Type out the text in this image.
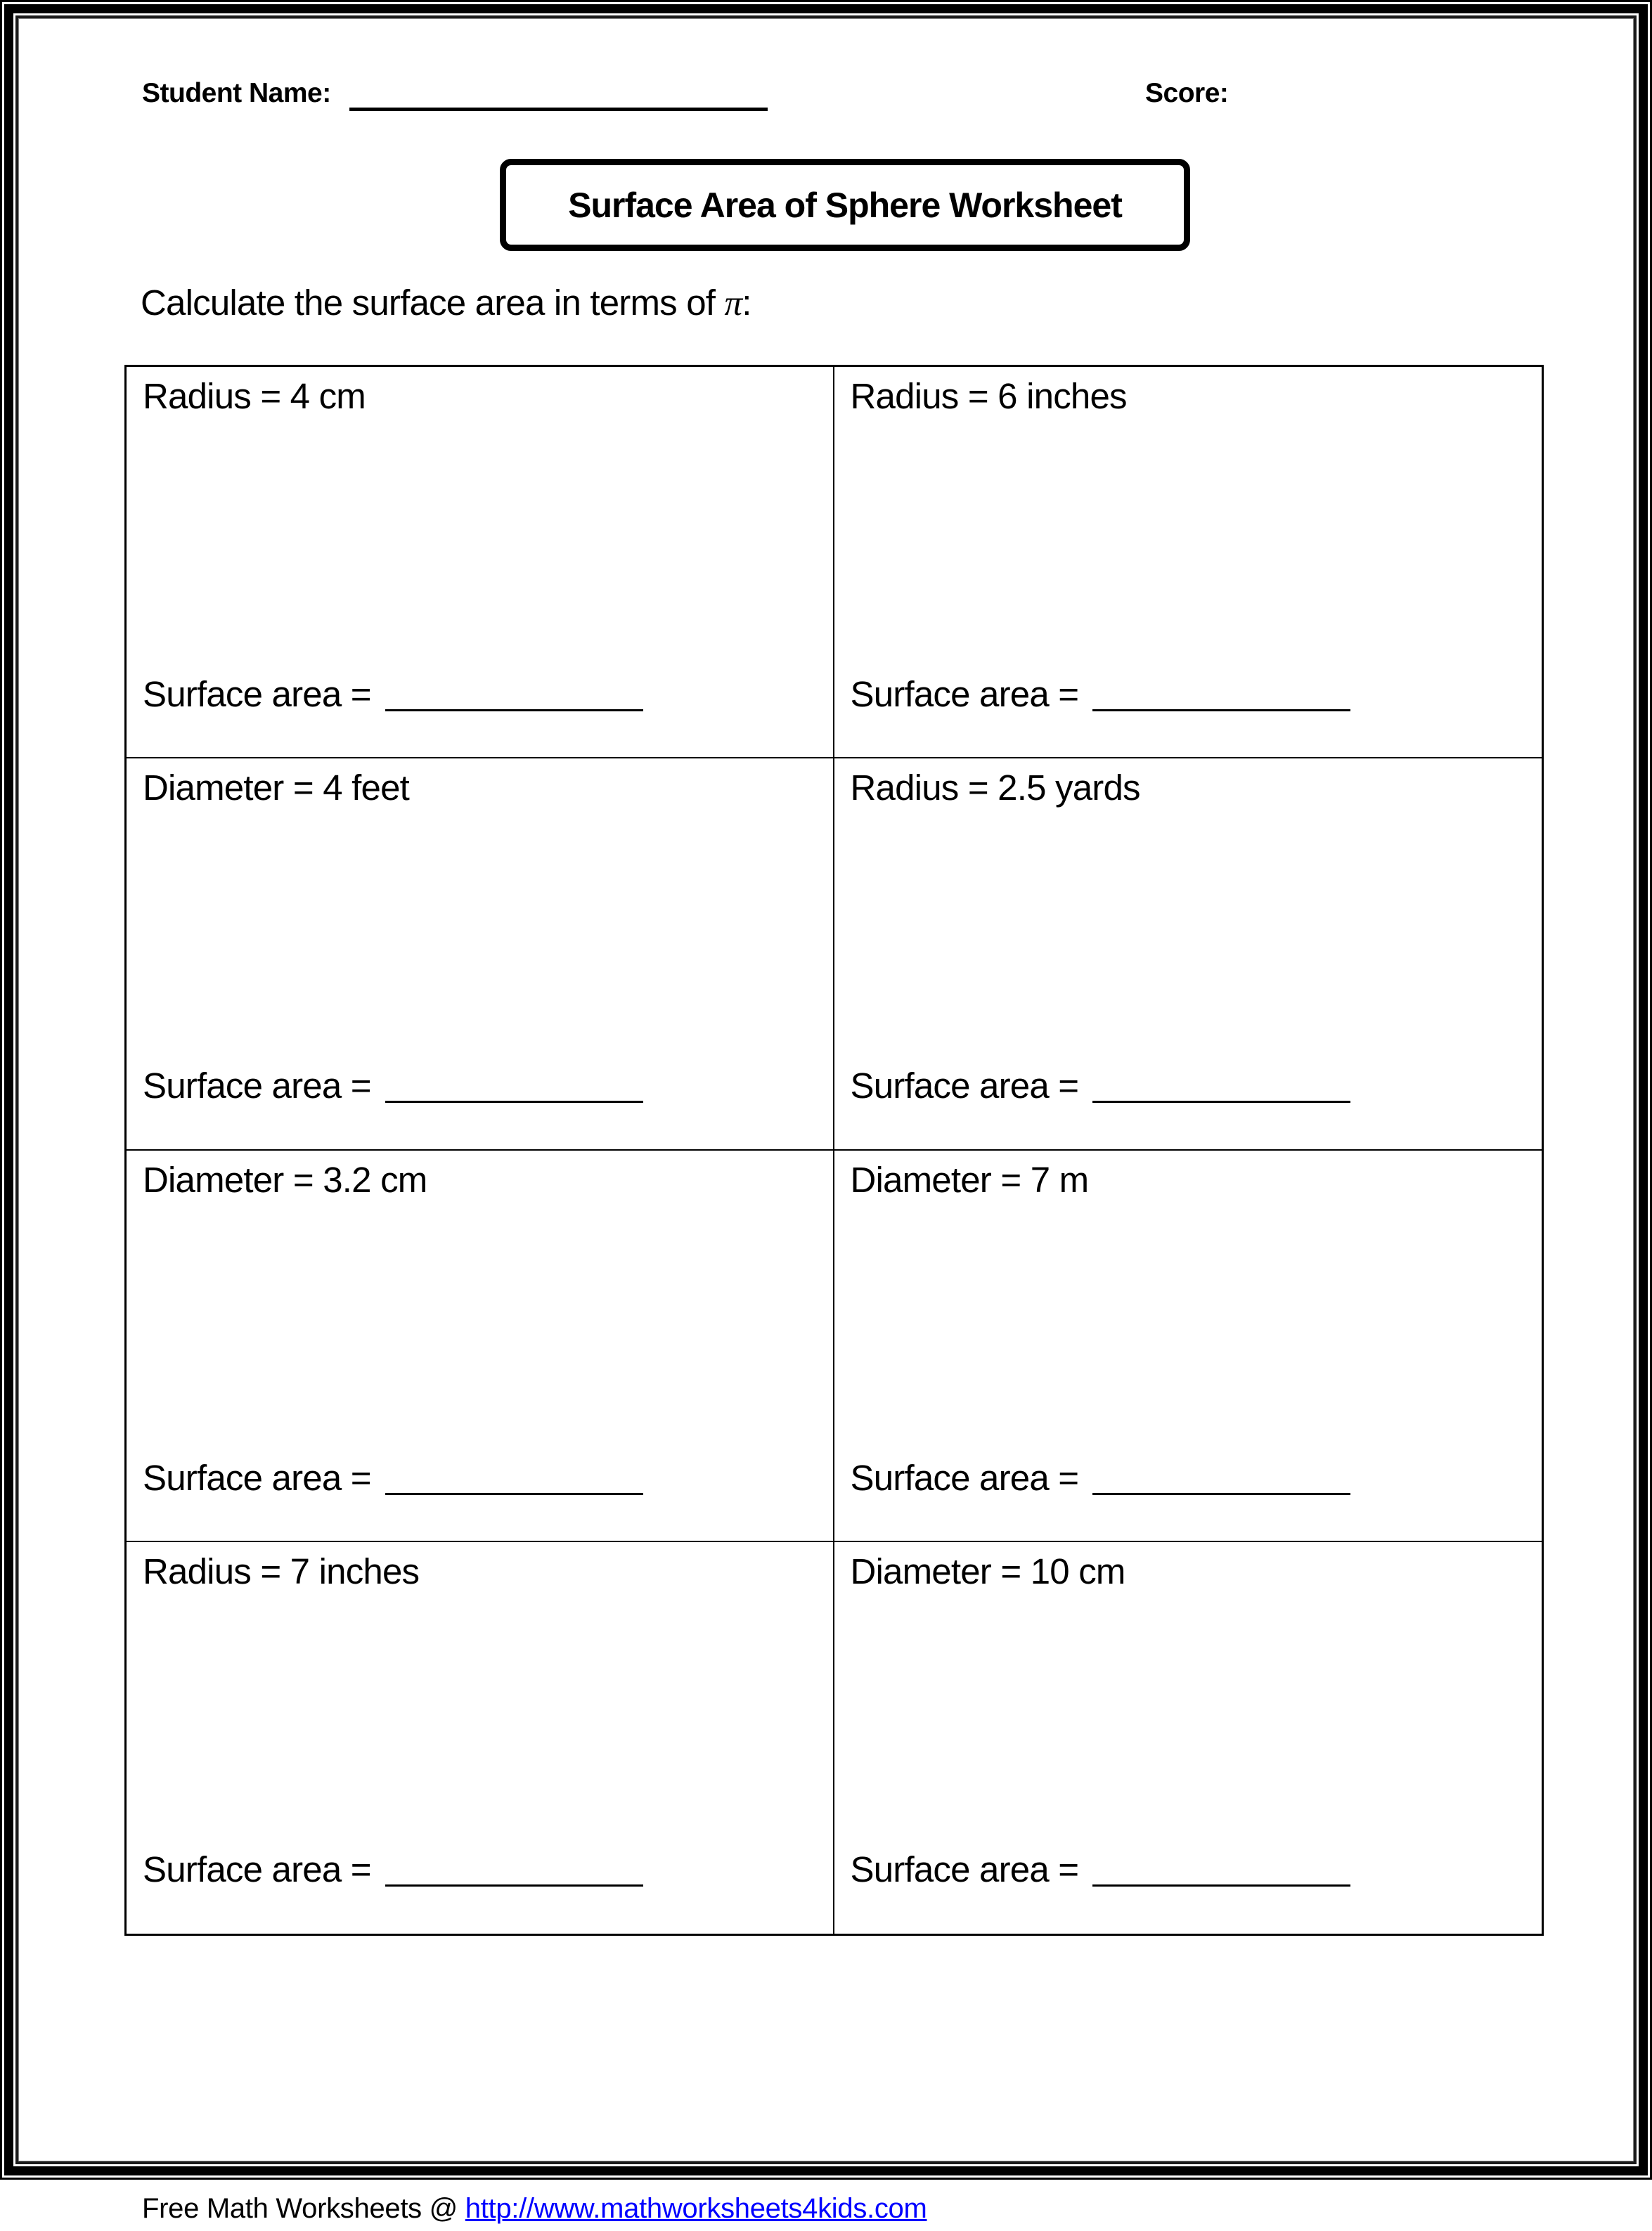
Student Name:	Score:
Surface Area of Sphere Worksheet
Calculate the surface area in terms of π:
Radius = 4 cm
Surface area =
Radius = 6 inches
Surface area =
Diameter = 4 feet
Surface area =
Radius = 2.5 yards
Surface area =
Diameter = 3.2 cm
Surface area =
Diameter = 7 m
Surface area =
Radius = 7 inches
Surface area =
Diameter = 10 cm
Surface area =
Free Math Worksheets @ http://www.mathworksheets4kids.com
